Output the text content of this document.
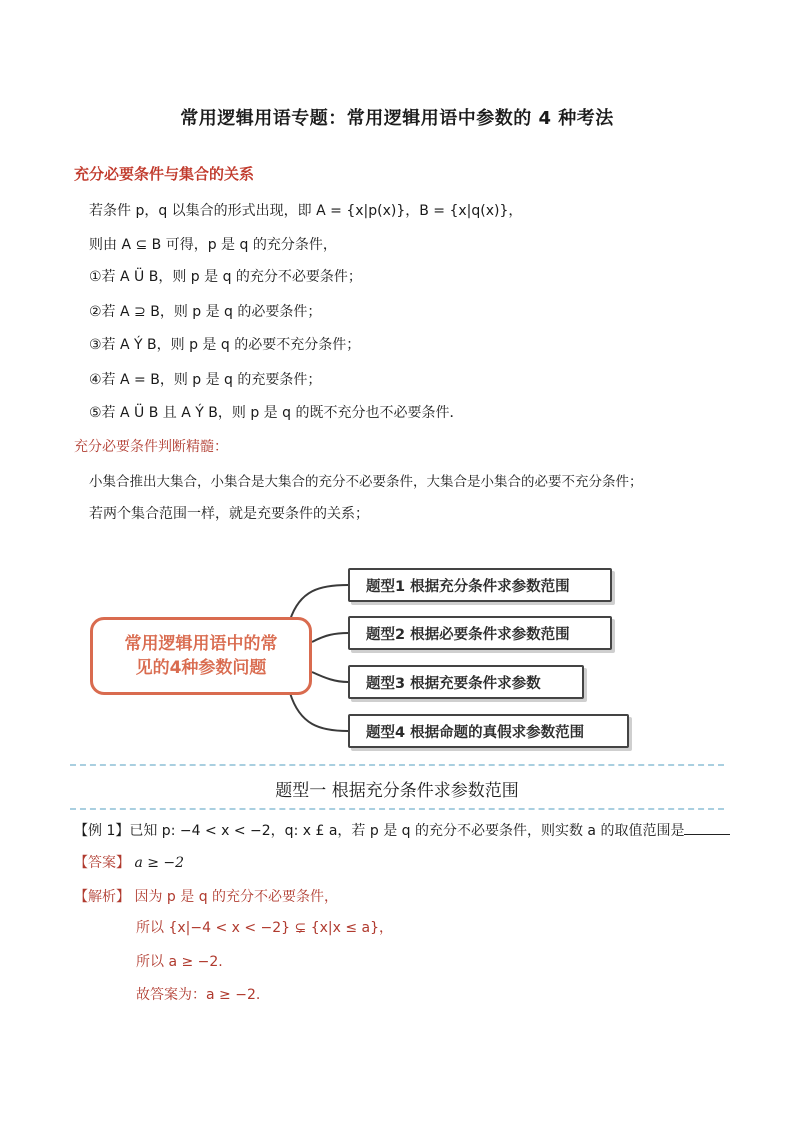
常用逻辑用语专题：常用逻辑用语中参数的 4 种考法
充分必要条件与集合的关系
若条件 p，q 以集合的形式出现，即 A = {x|p(x)}，B = {x|q(x)}，
则由 A ⊆ B 可得，p 是 q 的充分条件，
①若 A Ü B，则 p 是 q 的充分不必要条件；
②若 A ⊇ B，则 p 是 q 的必要条件；
③若 A Ý B，则 p 是 q 的必要不充分条件；
④若 A = B，则 p 是 q 的充要条件；
⑤若 A Ü B 且 A Ý B，则 p 是 q 的既不充分也不必要条件．
充分必要条件判断精髓：
小集合推出大集合，小集合是大集合的充分不必要条件，大集合是小集合的必要不充分条件；
若两个集合范围一样，就是充要条件的关系；
常用逻辑用语中的常
见的4种参数问题
题型1 根据充分条件求参数范围
题型2 根据必要条件求参数范围
题型3 根据充要条件求参数
题型4 根据命题的真假求参数范围
题型一 根据充分条件求参数范围
【例 1】已知 p: −4 < x < −2，q: x £ a，若 p 是 q 的充分不必要条件，则实数 a 的取值范围是
【答案】 a ≥ −2
【解析】 因为 p 是 q 的充分不必要条件，
所以 {x|−4 < x < −2} ⊊ {x|x ≤ a}，
所以 a ≥ −2.
故答案为：a ≥ −2.
